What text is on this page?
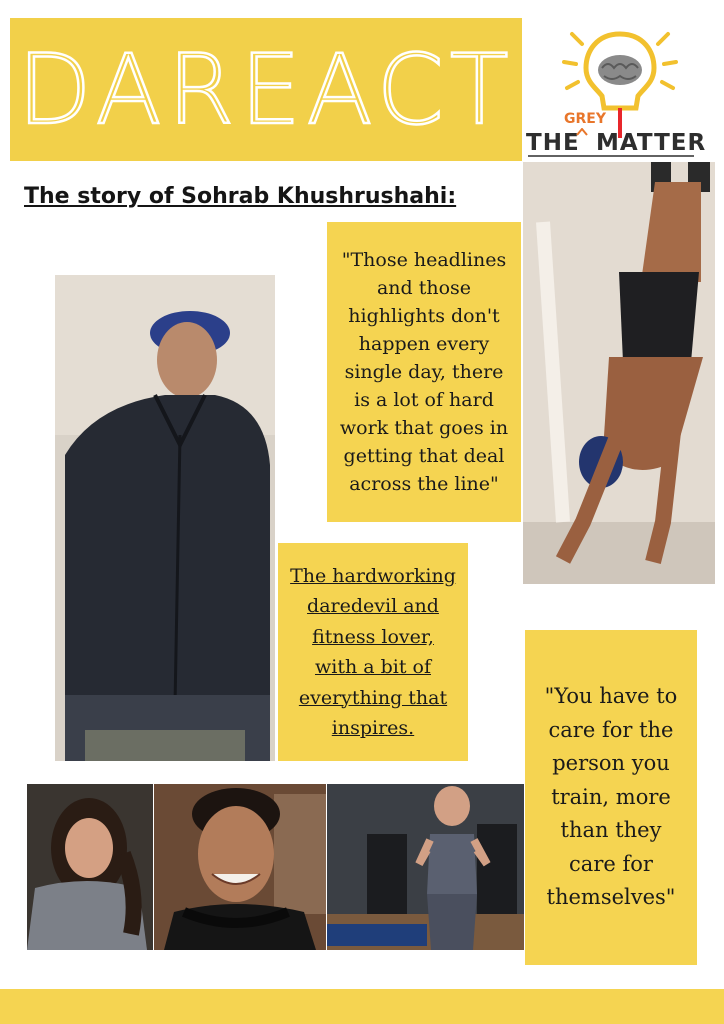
DAREACT THE
GREY
MATTER
The story of Sohrab Khushrushahi:

"Those headlines and those highlights don't happen every single day, there is a lot of hard work that goes in getting that deal across the line"

The hardworking daredevil and fitness lover, with a bit of everything that inspires.

"You have to care for the person you train, more than they care for themselves"
